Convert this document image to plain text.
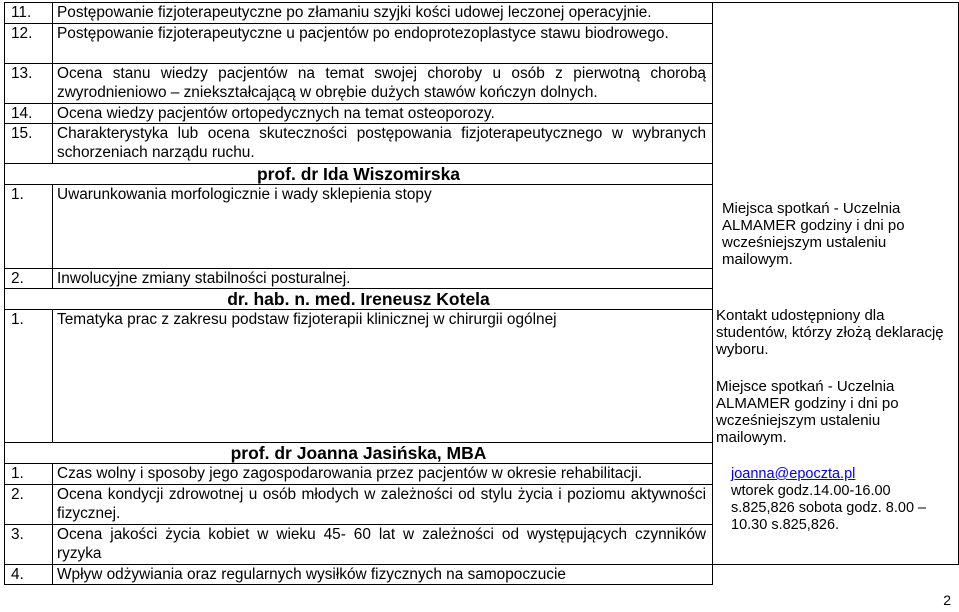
11.	Postępowanie fizjoterapeutyczne po złamaniu szyjki kości udowej leczonej operacyjnie.	
12.	Postępowanie fizjoterapeutyczne u pacjentów po endoprotezoplastyce stawu biodrowego.	
13.	Ocena stanu wiedzy pacjentów na temat swojej choroby u osób z pierwotną chorobą zwyrodnieniowo – zniekształcającą w obrębie dużych stawów kończyn dolnych.	
14.	Ocena wiedzy pacjentów ortopedycznych na temat osteoporozy.	
15.	Charakterystyka lub ocena skuteczności postępowania fizjoterapeutycznego w wybranych schorzeniach narządu ruchu.	
prof. dr Ida Wiszomirska		
1.	Uwarunkowania morfologicznie i wady sklepienia stopy	
2.	Inwolucyjne zmiany stabilności posturalnej.	
dr. hab. n. med. Ireneusz Kotela		
1.	Tematyka prac z zakresu podstaw fizjoterapii klinicznej w chirurgii ogólnej	
prof. dr Joanna Jasińska, MBA		
1.	Czas wolny i sposoby jego zagospodarowania przez pacjentów w okresie rehabilitacji.	
2.	Ocena kondycji zdrowotnej u osób młodych w zależności od stylu życia i poziomu aktywności fizycznej.	
3.	Ocena jakości życia kobiet w wieku 45- 60 lat w zależności od występujących czynników ryzyka	
4.	Wpływ odżywiania oraz regularnych wysiłków fizycznych na samopoczucie	
Miejsca spotkań - Uczelnia ALMAMER godziny i dni po wcześniejszym ustaleniu mailowym.
Kontakt udostępniony dla studentów, którzy złożą deklarację wyboru.
Miejsce spotkań - Uczelnia ALMAMER godziny i dni po wcześniejszym ustaleniu mailowym.
joanna@epoczta.pl
wtorek godz.14.00-16.00 s.825,826 sobota godz. 8.00 – 10.30 s.825,826.
2
